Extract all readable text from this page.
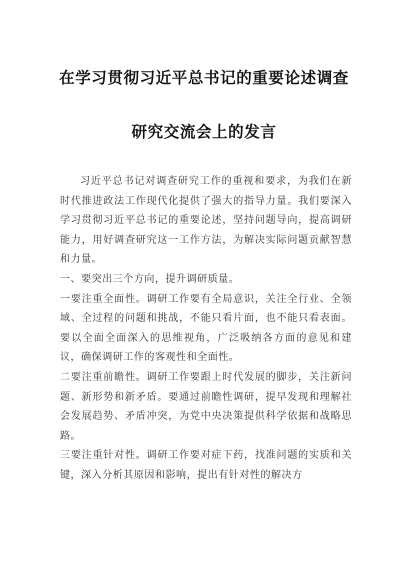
在学习贯彻习近平总书记的重要论述调查
研究交流会上的发言

习近平总书记对调查研究工作的重视和要求，为我们在新时代推进政法工作现代化提供了强大的指导力量。我们要深入学习贯彻习近平总书记的重要论述，坚持问题导向，提高调研能力，用好调查研究这一工作方法，为解决实际问题贡献智慧和力量。

一、要突出三个方向，提升调研质量。

一要注重全面性。调研工作要有全局意识，关注全行业、全领域、全过程的问题和挑战，不能只看片面，也不能只看表面。要以全面全面深入的思维视角，广泛吸纳各方面的意见和建议，确保调研工作的客观性和全面性。

二要注重前瞻性。调研工作要跟上时代发展的脚步，关注新问题、新形势和新矛盾。要通过前瞻性调研，提早发现和理解社会发展趋势、矛盾冲突，为党中央决策提供科学依据和战略思路。

三要注重针对性。调研工作要对症下药，找准问题的实质和关键，深入分析其原因和影响，提出有针对性的解决方
